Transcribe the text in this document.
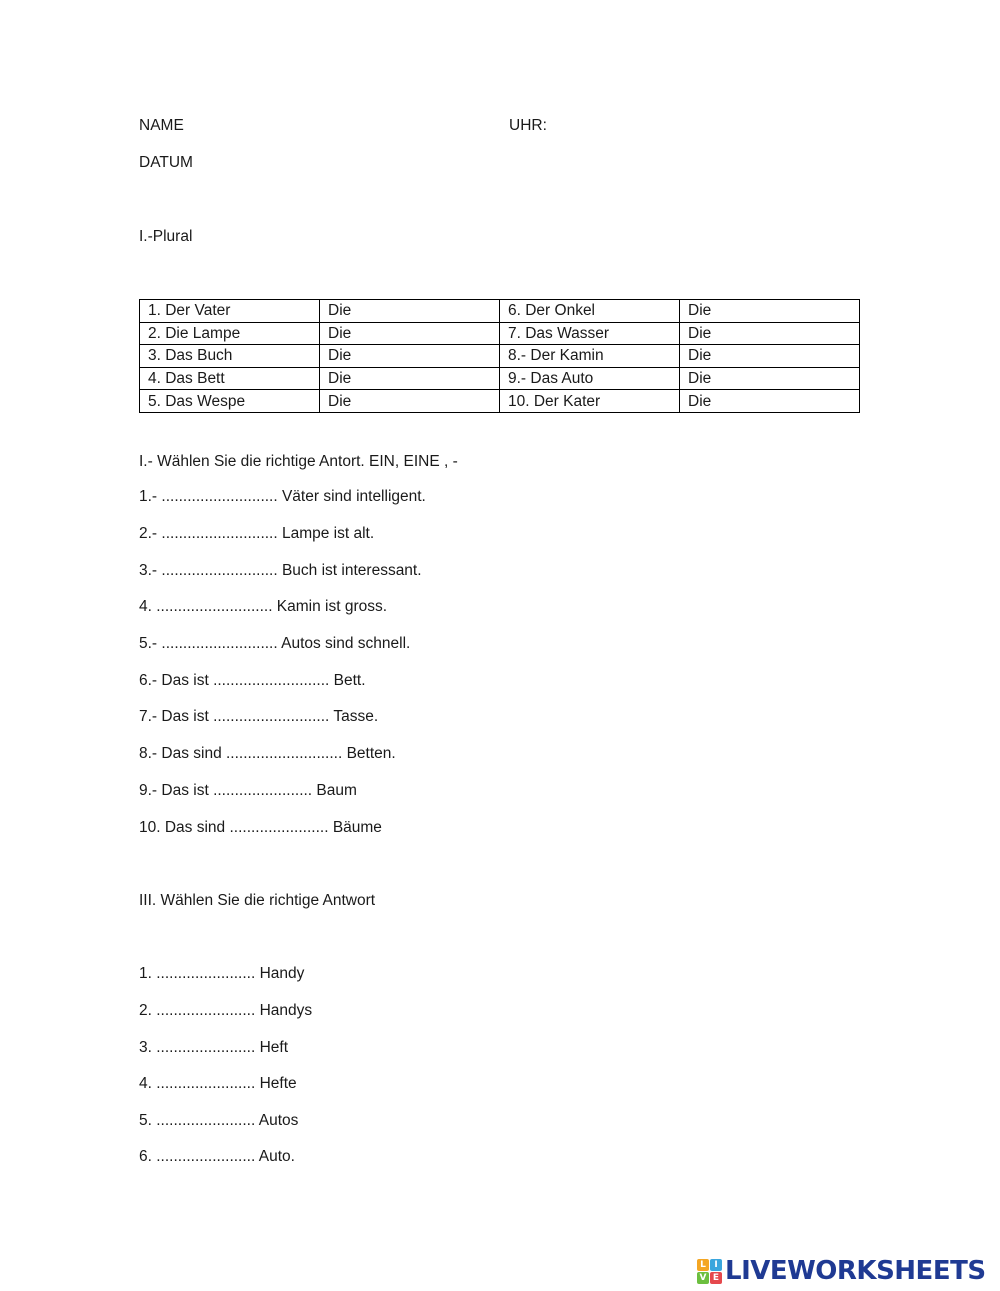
NAME	UHR:
DATUM
I.-Plural
1. Der Vater	Die	6. Der Onkel	Die
2. Die Lampe	Die	7. Das Wasser	Die
3. Das Buch	Die	8.- Der Kamin	Die
4. Das Bett	Die	9.- Das Auto	Die
5. Das Wespe	Die	10. Der Kater	Die
I.- Wählen Sie die richtige Antort. EIN, EINE , -
1.- ........................... Väter sind intelligent.
2.- ........................... Lampe ist alt.
3.- ........................... Buch ist interessant.
4. ........................... Kamin ist gross.
5.- ........................... Autos sind schnell.
6.- Das ist ........................... Bett.
7.- Das ist ........................... Tasse.
8.- Das sind ........................... Betten.
9.- Das ist ....................... Baum
10. Das sind ....................... Bäume
III. Wählen Sie die richtige Antwort
1. ....................... Handy
2. ....................... Handys
3. ....................... Heft
4. ....................... Hefte
5. ....................... Autos
6. ....................... Auto.
L I
V E LIVEWORKSHEETS
